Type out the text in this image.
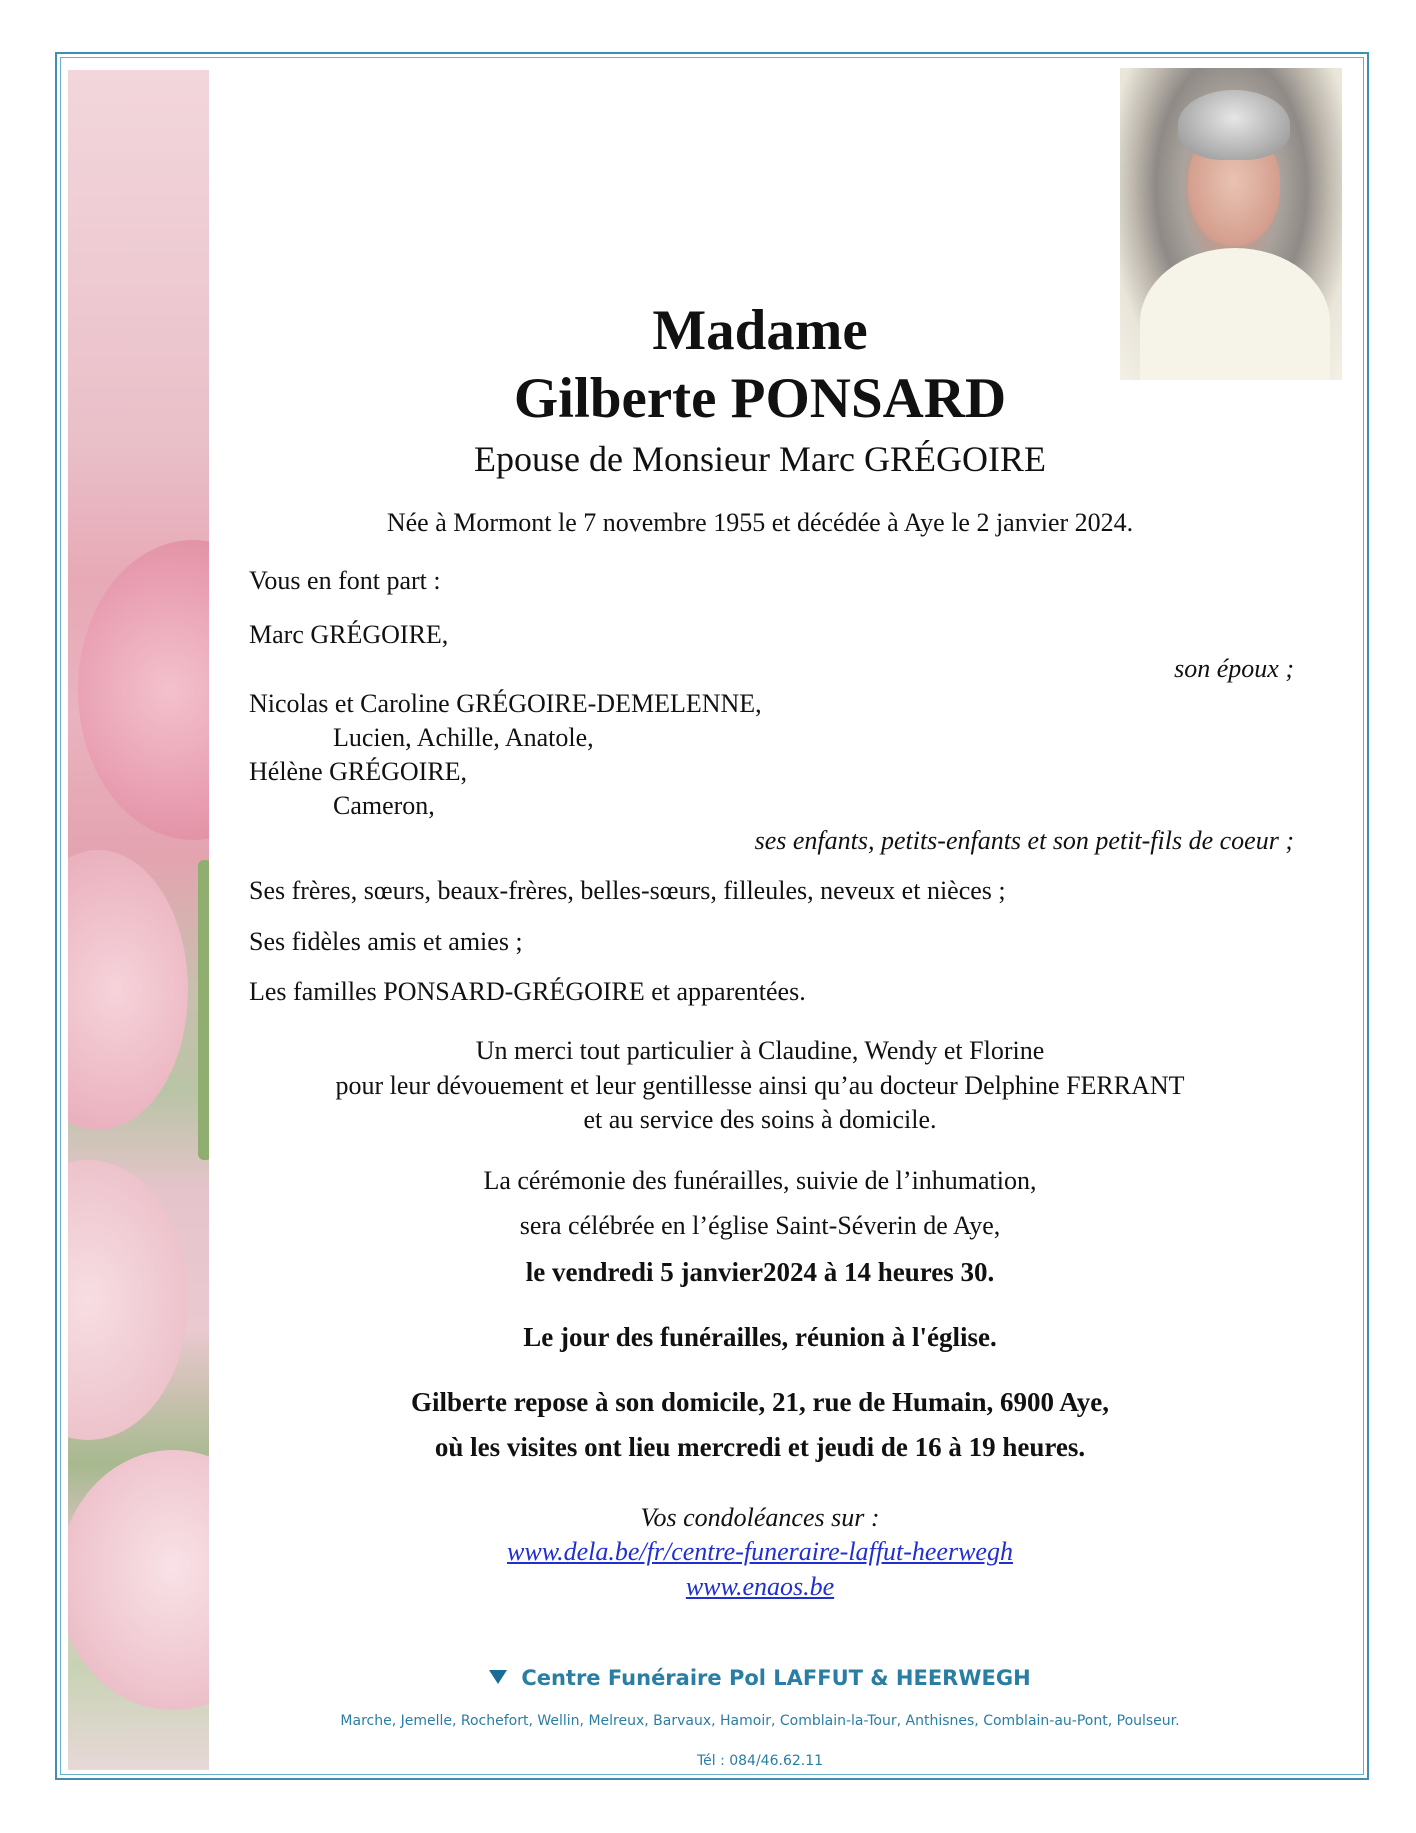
Madame
Gilberte PONSARD
Epouse de Monsieur Marc GRÉGOIRE
Née à Mormont le 7 novembre 1955 et décédée à Aye le 2 janvier 2024.
Vous en font part :
Marc GRÉGOIRE,
son époux ;
Nicolas et Caroline GRÉGOIRE-DEMELENNE,
Lucien, Achille, Anatole,
Hélène GRÉGOIRE,
Cameron,
ses enfants, petits-enfants et son petit-fils de coeur ;
Ses frères, sœurs, beaux-frères, belles-sœurs, filleules, neveux et nièces ;
Ses fidèles amis et amies ;
Les familles PONSARD-GRÉGOIRE et apparentées.
Un merci tout particulier à Claudine, Wendy et Florine
pour leur dévouement et leur gentillesse ainsi qu’au docteur Delphine FERRANT
et au service des soins à domicile.
La cérémonie des funérailles, suivie de l’inhumation,
sera célébrée en l’église Saint-Séverin de Aye,
le vendredi 5 janvier2024 à 14 heures 30.
Le jour des funérailles, réunion à l'église.
Gilberte repose à son domicile, 21, rue de Humain, 6900 Aye,
où les visites ont lieu mercredi et jeudi de 16 à 19 heures.
Vos condoléances sur :
www.dela.be/fr/centre-funeraire-laffut-heerwegh
www.enaos.be
Centre Funéraire Pol LAFFUT & HEERWEGH
Marche, Jemelle, Rochefort, Wellin, Melreux, Barvaux, Hamoir, Comblain-la-Tour, Anthisnes, Comblain-au-Pont, Poulseur.
Tél : 084/46.62.11
